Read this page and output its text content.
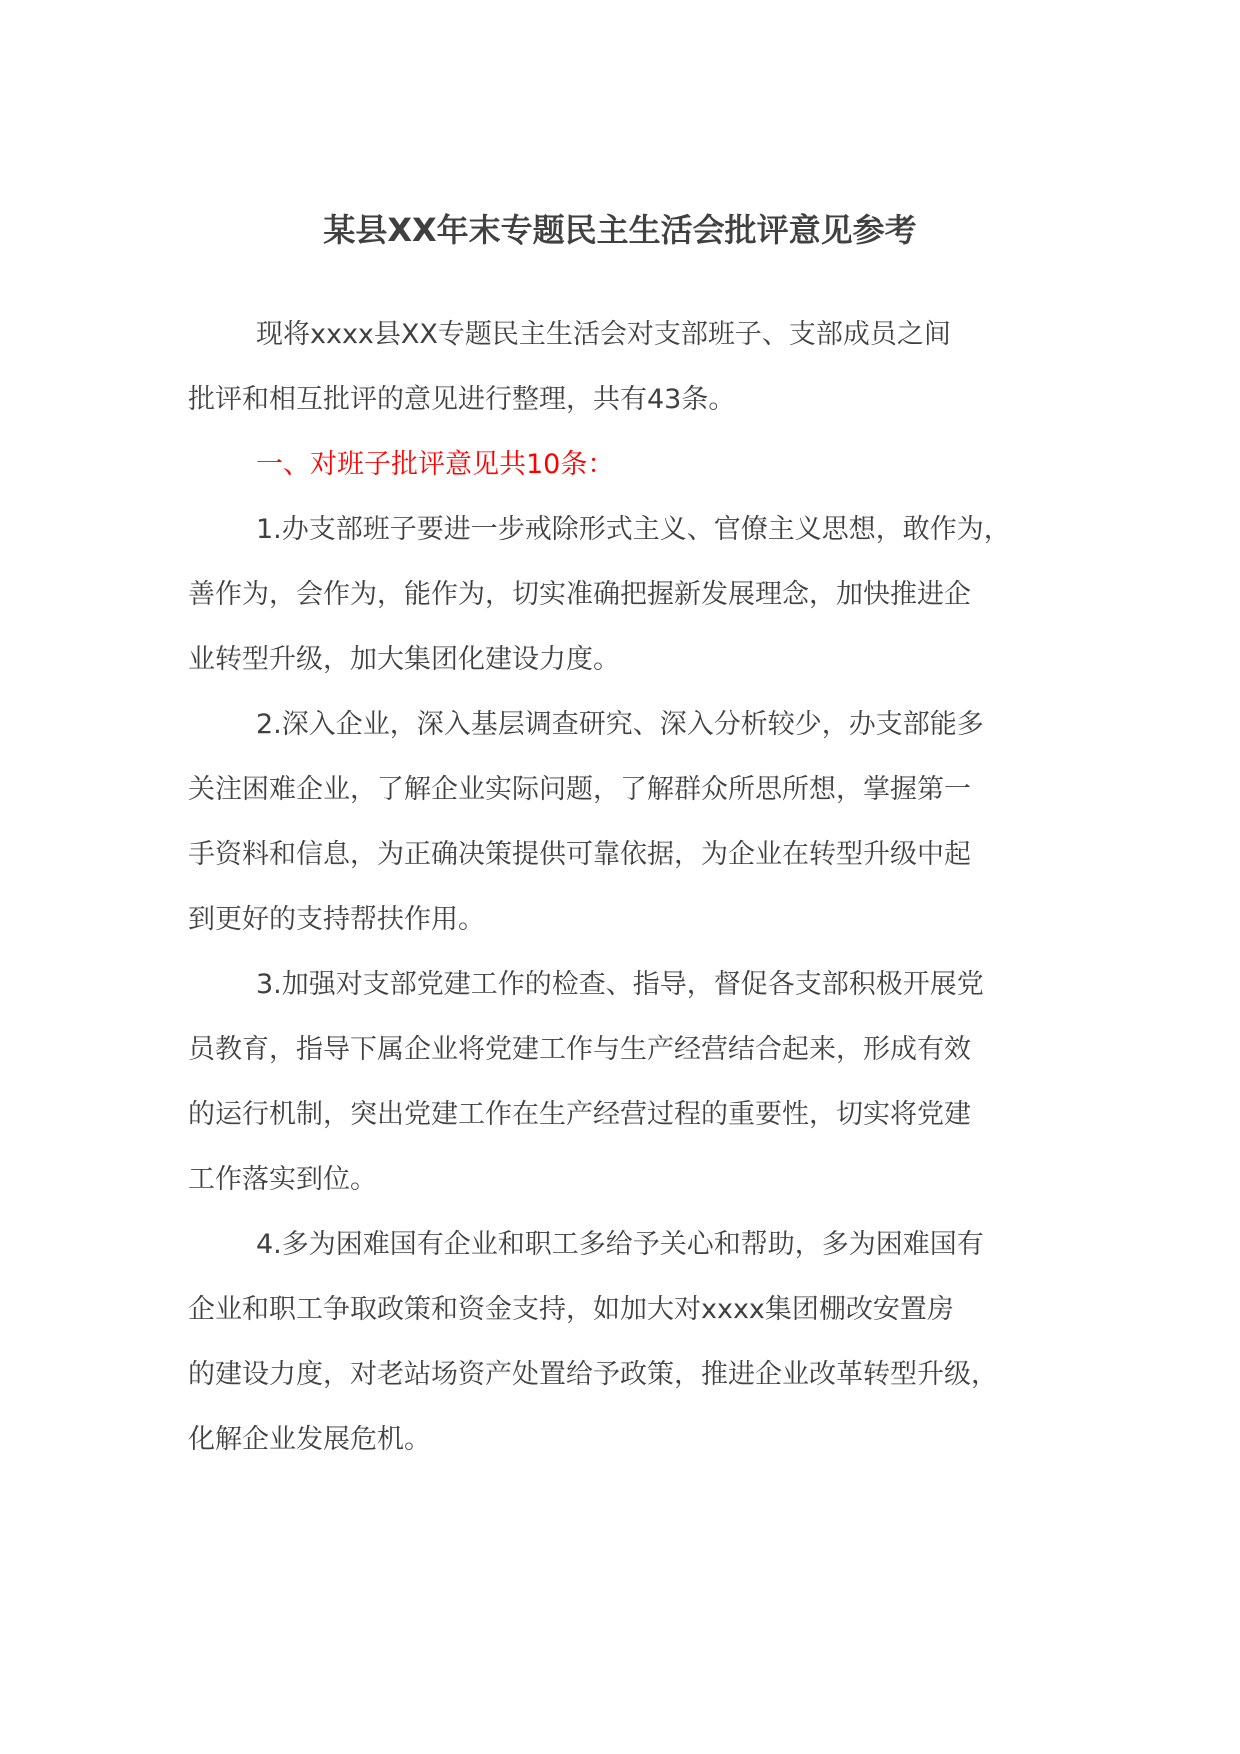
某县XX年末专题民主生活会批评意见参考

现将xxxx县XX专题民主生活会对支部班子、支部成员之间
批评和相互批评的意见进行整理，共有43条。

一、对班子批评意见共10条：

1.办支部班子要进一步戒除形式主义、官僚主义思想，敢作为，
善作为，会作为，能作为，切实准确把握新发展理念，加快推进企
业转型升级，加大集团化建设力度。

2.深入企业，深入基层调查研究、深入分析较少，办支部能多
关注困难企业，了解企业实际问题，了解群众所思所想，掌握第一
手资料和信息，为正确决策提供可靠依据，为企业在转型升级中起
到更好的支持帮扶作用。

3.加强对支部党建工作的检查、指导，督促各支部积极开展党
员教育，指导下属企业将党建工作与生产经营结合起来，形成有效
的运行机制，突出党建工作在生产经营过程的重要性，切实将党建
工作落实到位。

4.多为困难国有企业和职工多给予关心和帮助，多为困难国有
企业和职工争取政策和资金支持，如加大对xxxx集团棚改安置房
的建设力度，对老站场资产处置给予政策，推进企业改革转型升级，
化解企业发展危机。
